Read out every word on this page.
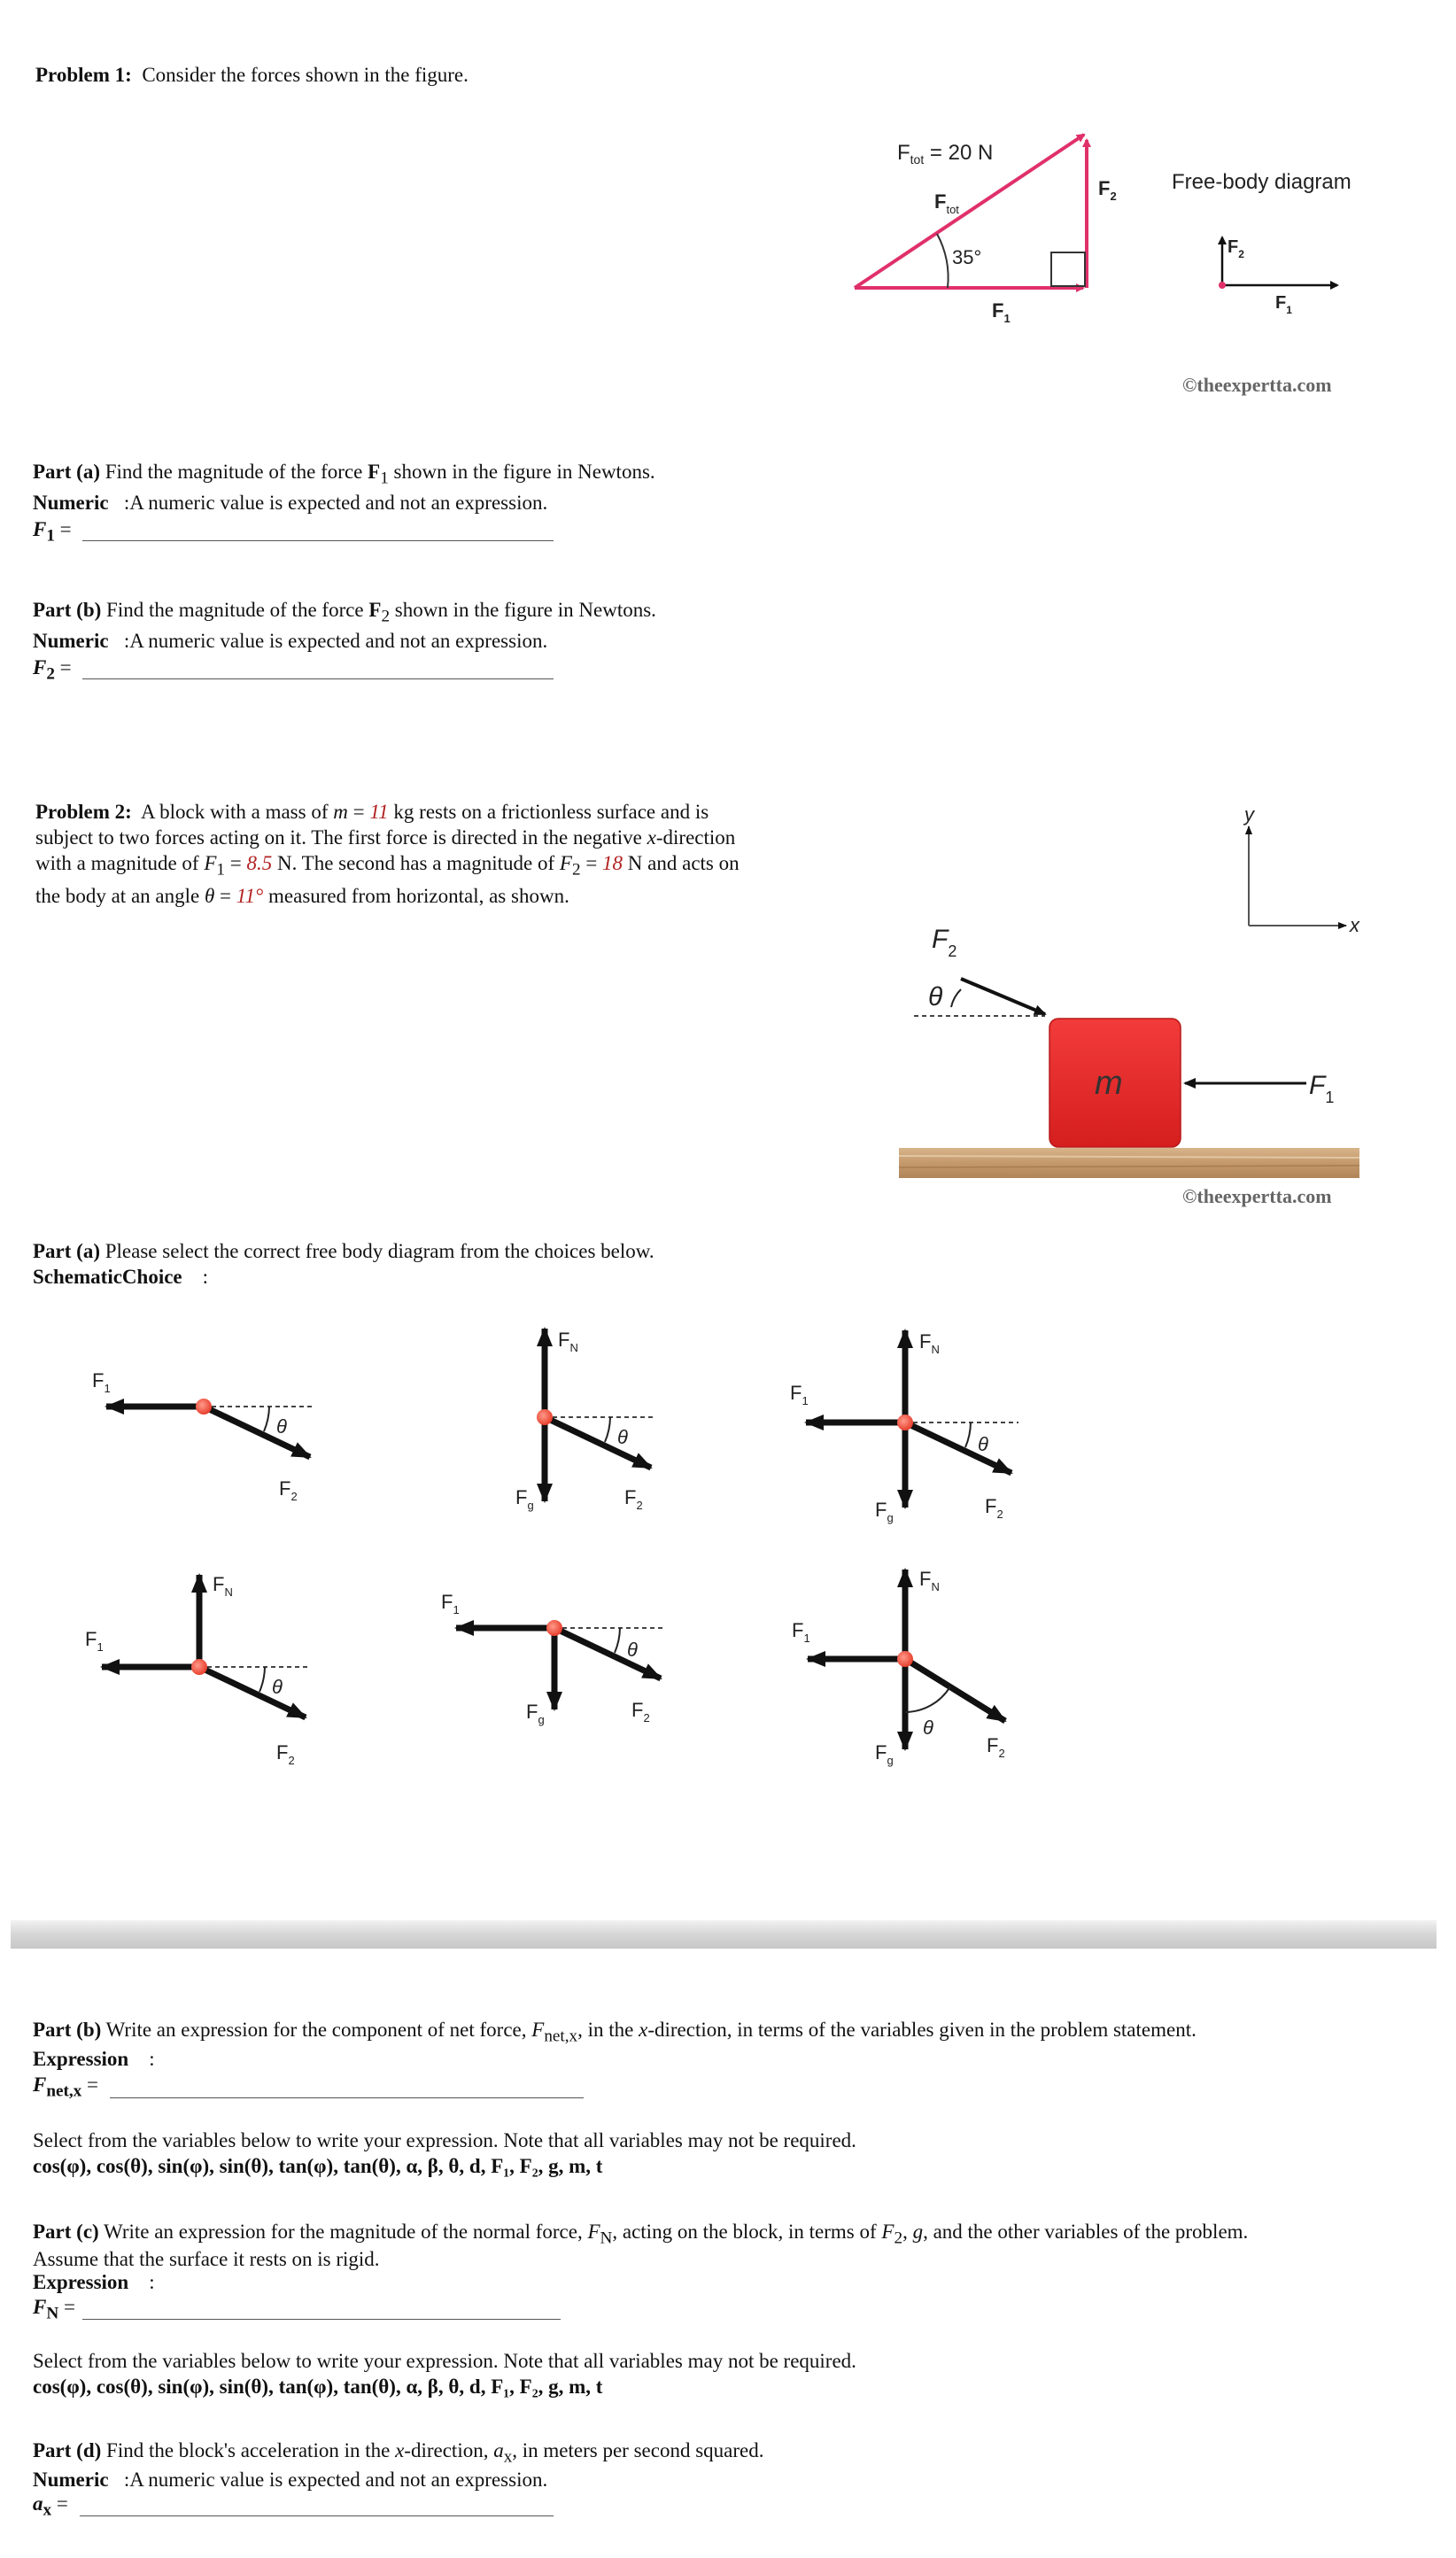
Problem 1: Consider the forces shown in the figure.
35°
$F_{tot} = 20$ N
$F_{tot}$
$F_1$
$F_2$
Free-body diagram
$F_2$
$F_1$
©theexpertta.com
Part (a) Find the magnitude of the force $F_1$ shown in the figure in Newtons.
Numeric   :A numeric value is expected and not an expression.
$F_1$ =
Part (b) Find the magnitude of the force $F_2$ shown in the figure in Newtons.
Numeric   :A numeric value is expected and not an expression.
$F_2$ =
Problem 2: A block with a mass of m = 11 kg rests on a frictionless surface and is
subject to two forces acting on it. The first force is directed in the negative x-direction
with a magnitude of $F_1 = 8.5$ N. The second has a magnitude of $F_2 = 18$ N and acts on
the body at an angle θ = 11° measured from horizontal, as shown.
y
x
$F_2$
θ
m	$F_1$
©theexpertta.com
Part (a) Please select the correct free body diagram from the choices below.
SchematicChoice    :
θ
$F_1$
$F_2$
θ
$F_N$
$F_g$	$F_2$
θ
$F_N$
$F_1$
$F_g$
$F_2$
θ
$F_N$
$F_1$
$F_2$
θ
$F_1$
$F_g$	$F_2$	θ
$F_N$
$F_1$
$F_g$
$F_2$
Part (b) Write an expression for the component of net force, $F_{net,x}$, in the x-direction, in terms of the variables given in the problem statement.
Expression    :
$F_{net,x}$ =
Select from the variables below to write your expression. Note that all variables may not be required.
cos(φ), cos(θ), sin(φ), sin(θ), tan(φ), tan(θ), α, β, θ, d, F₁, F₂, g, m, t
Part (c) Write an expression for the magnitude of the normal force, $F_N$, acting on the block, in terms of $F_2$, g, and the other variables of the problem.
Assume that the surface it rests on is rigid.
Expression    :
$F_N$ =
Select from the variables below to write your expression. Note that all variables may not be required.
cos(φ), cos(θ), sin(φ), sin(θ), tan(φ), tan(θ), α, β, θ, d, F₁, F₂, g, m, t
Part (d) Find the block's acceleration in the x-direction, $a_x$, in meters per second squared.
Numeric   :A numeric value is expected and not an expression.
$a_x$ =
